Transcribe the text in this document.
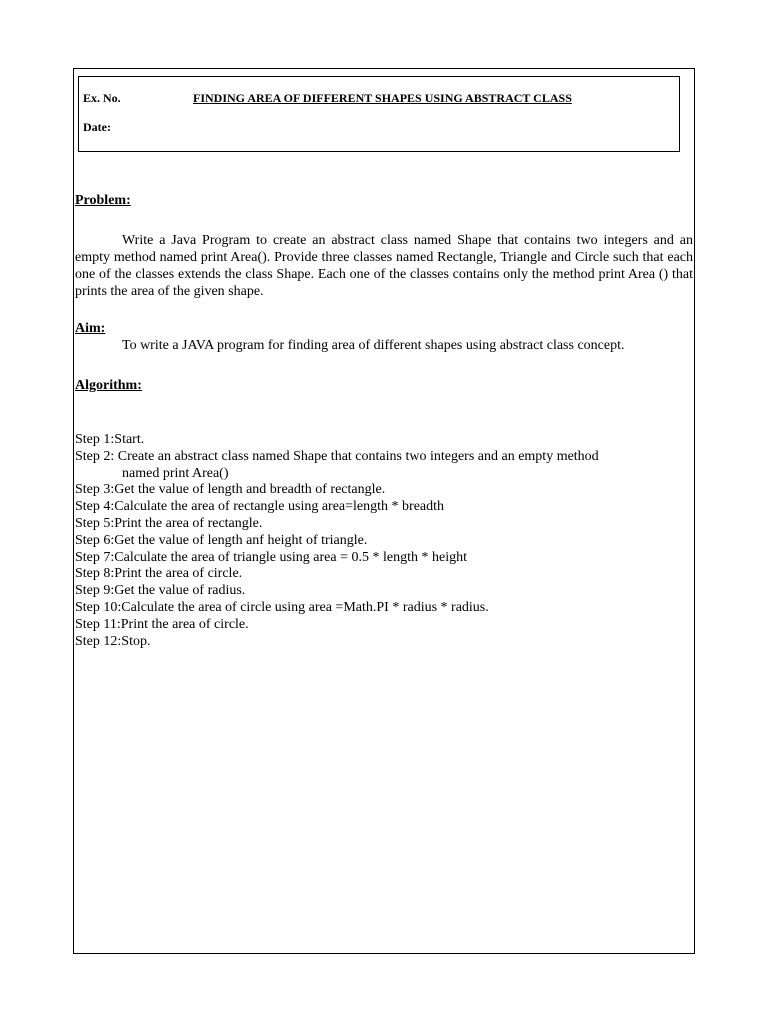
Ex. No.
Date:
FINDING AREA OF DIFFERENT SHAPES USING ABSTRACT CLASS
Problem:

Write a Java Program to create an abstract class named Shape that contains two integers and an empty method named print Area(). Provide three classes named Rectangle, Triangle and Circle such that each one of the classes extends the class Shape. Each one of the classes contains only the method print Area () that prints the area of the given shape.

Aim:
To write a JAVA program for finding area of different shapes using abstract class concept.
Algorithm:
Step 1:Start.
Step 2: Create an abstract class named Shape that contains two integers and an empty method
named print Area()
Step 3:Get the value of length and breadth of rectangle.
Step 4:Calculate the area of rectangle using area=length * breadth
Step 5:Print the area of rectangle.
Step 6:Get the value of length anf height of triangle.
Step 7:Calculate the area of triangle using area = 0.5 * length * height
Step 8:Print the area of circle.
Step 9:Get the value of radius.
Step 10:Calculate the area of circle using area =Math.PI * radius * radius.
Step 11:Print the area of circle.
Step 12:Stop.
